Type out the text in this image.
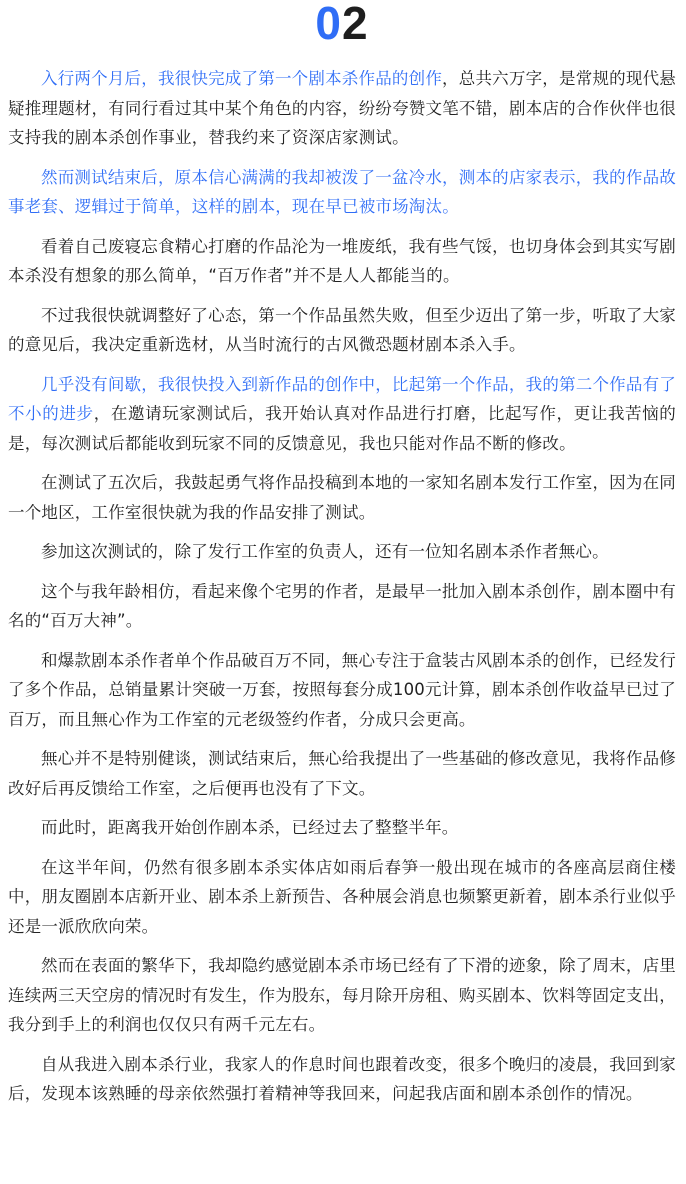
0 2

入行两个月后，我很快完成了第一个剧本杀作品的创作，总共六万字，是常规的现代悬疑推理题材，有同行看过其中某个角色的内容，纷纷夸赞文笔不错，剧本店的合作伙伴也很支持我的剧本杀创作事业，替我约来了资深店家测试。

然而测试结束后，原本信心满满的我却被泼了一盆冷水，测本的店家表示，我的作品故事老套、逻辑过于简单，这样的剧本，现在早已被市场淘汰。

看着自己废寝忘食精心打磨的作品沦为一堆废纸，我有些气馁，也切身体会到其实写剧本杀没有想象的那么简单，“百万作者”并不是人人都能当的。

不过我很快就调整好了心态，第一个作品虽然失败，但至少迈出了第一步，听取了大家的意见后，我决定重新选材，从当时流行的古风微恐题材剧本杀入手。

几乎没有间歇，我很快投入到新作品的创作中，比起第一个作品，我的第二个作品有了不小的进步，在邀请玩家测试后，我开始认真对作品进行打磨，比起写作，更让我苦恼的是，每次测试后都能收到玩家不同的反馈意见，我也只能对作品不断的修改。

在测试了五次后，我鼓起勇气将作品投稿到本地的一家知名剧本发行工作室，因为在同一个地区，工作室很快就为我的作品安排了测试。

参加这次测试的，除了发行工作室的负责人，还有一位知名剧本杀作者無心。

这个与我年龄相仿，看起来像个宅男的作者，是最早一批加入剧本杀创作，剧本圈中有名的“百万大神”。

和爆款剧本杀作者单个作品破百万不同，無心专注于盒装古风剧本杀的创作，已经发行了多个作品，总销量累计突破一万套，按照每套分成100元计算，剧本杀创作收益早已过了百万，而且無心作为工作室的元老级签约作者，分成只会更高。

無心并不是特别健谈，测试结束后，無心给我提出了一些基础的修改意见，我将作品修改好后再反馈给工作室，之后便再也没有了下文。

而此时，距离我开始创作剧本杀，已经过去了整整半年。

在这半年间，仍然有很多剧本杀实体店如雨后春笋一般出现在城市的各座高层商住楼中，朋友圈剧本店新开业、剧本杀上新预告、各种展会消息也频繁更新着，剧本杀行业似乎还是一派欣欣向荣。

然而在表面的繁华下，我却隐约感觉剧本杀市场已经有了下滑的迹象，除了周末，店里连续两三天空房的情况时有发生，作为股东，每月除开房租、购买剧本、饮料等固定支出，我分到手上的利润也仅仅只有两千元左右。

自从我进入剧本杀行业，我家人的作息时间也跟着改变，很多个晚归的凌晨，我回到家后，发现本该熟睡的母亲依然强打着精神等我回来，问起我店面和剧本杀创作的情况。
